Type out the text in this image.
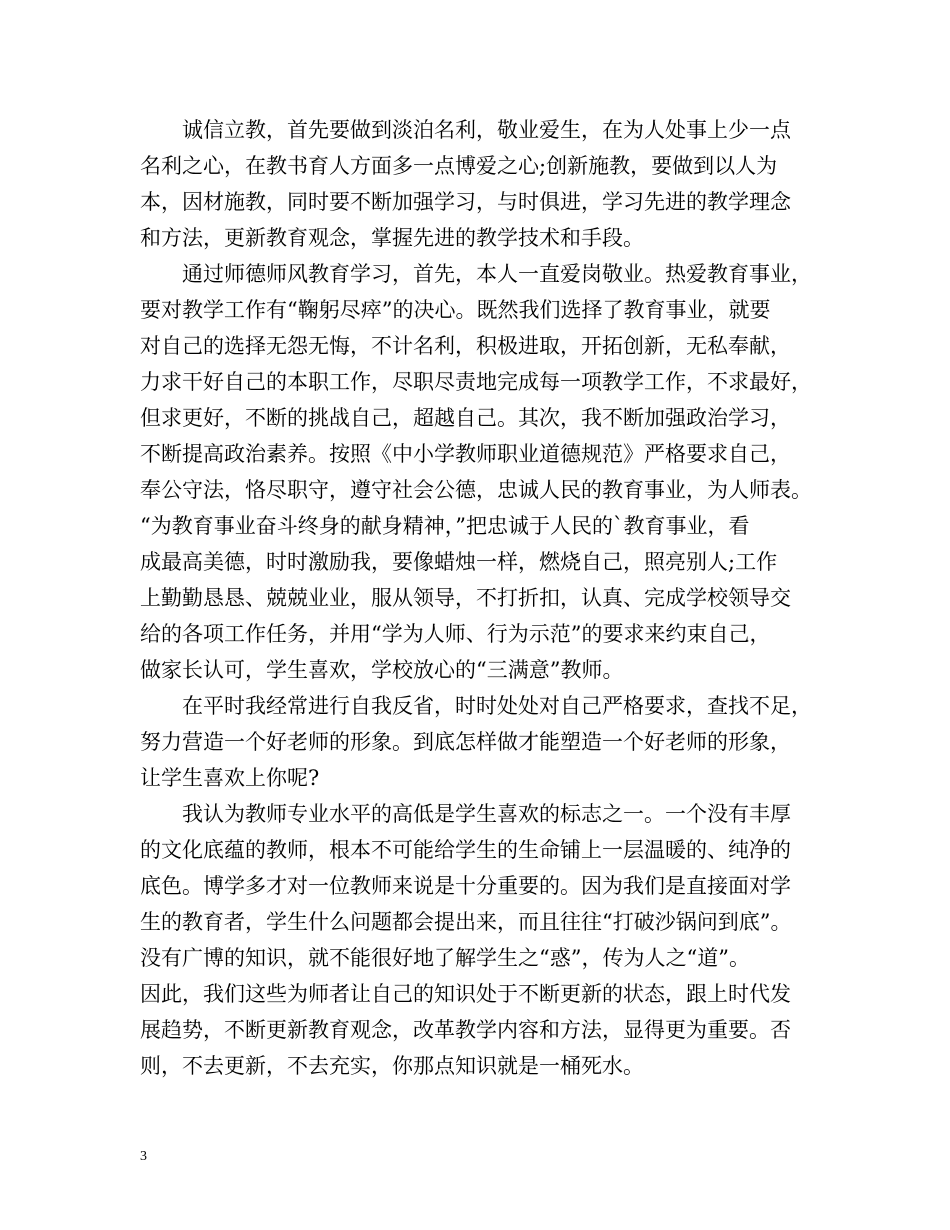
诚信立教，首先要做到淡泊名利，敬业爱生，在为人处事上少一点
名利之心，在教书育人方面多一点博爱之心;创新施教，要做到以人为
本，因材施教，同时要不断加强学习，与时俱进，学习先进的教学理念
和方法，更新教育观念，掌握先进的教学技术和手段。

通过师德师风教育学习，首先，本人一直爱岗敬业。热爱教育事业，
要对教学工作有“鞠躬尽瘁”的决心。既然我们选择了教育事业，就要
对自己的选择无怨无悔，不计名利，积极进取，开拓创新，无私奉献，
力求干好自己的本职工作，尽职尽责地完成每一项教学工作，不求最好，
但求更好，不断的挑战自己，超越自己。其次，我不断加强政治学习，
不断提高政治素养。按照《中小学教师职业道德规范》严格要求自己，
奉公守法，恪尽职守，遵守社会公德，忠诚人民的教育事业，为人师表。
“为教育事业奋斗终身的献身精神，”把忠诚于人民的`教育事业，看
成最高美德，时时激励我，要像蜡烛一样，燃烧自己，照亮别人;工作
上勤勤恳恳、兢兢业业，服从领导，不打折扣，认真、完成学校领导交
给的各项工作任务，并用“学为人师、行为示范”的要求来约束自己，
做家长认可，学生喜欢，学校放心的“三满意”教师。

在平时我经常进行自我反省，时时处处对自己严格要求，查找不足，
努力营造一个好老师的形象。到底怎样做才能塑造一个好老师的形象，
让学生喜欢上你呢?

我认为教师专业水平的高低是学生喜欢的标志之一。一个没有丰厚
的文化底蕴的教师，根本不可能给学生的生命铺上一层温暖的、纯净的
底色。博学多才对一位教师来说是十分重要的。因为我们是直接面对学
生的教育者，学生什么问题都会提出来，而且往往“打破沙锅问到底”。
没有广博的知识，就不能很好地了解学生之“惑”，传为人之“道”。
因此，我们这些为师者让自己的知识处于不断更新的状态，跟上时代发
展趋势，不断更新教育观念，改革教学内容和方法，显得更为重要。否
则，不去更新，不去充实，你那点知识就是一桶死水。

3
